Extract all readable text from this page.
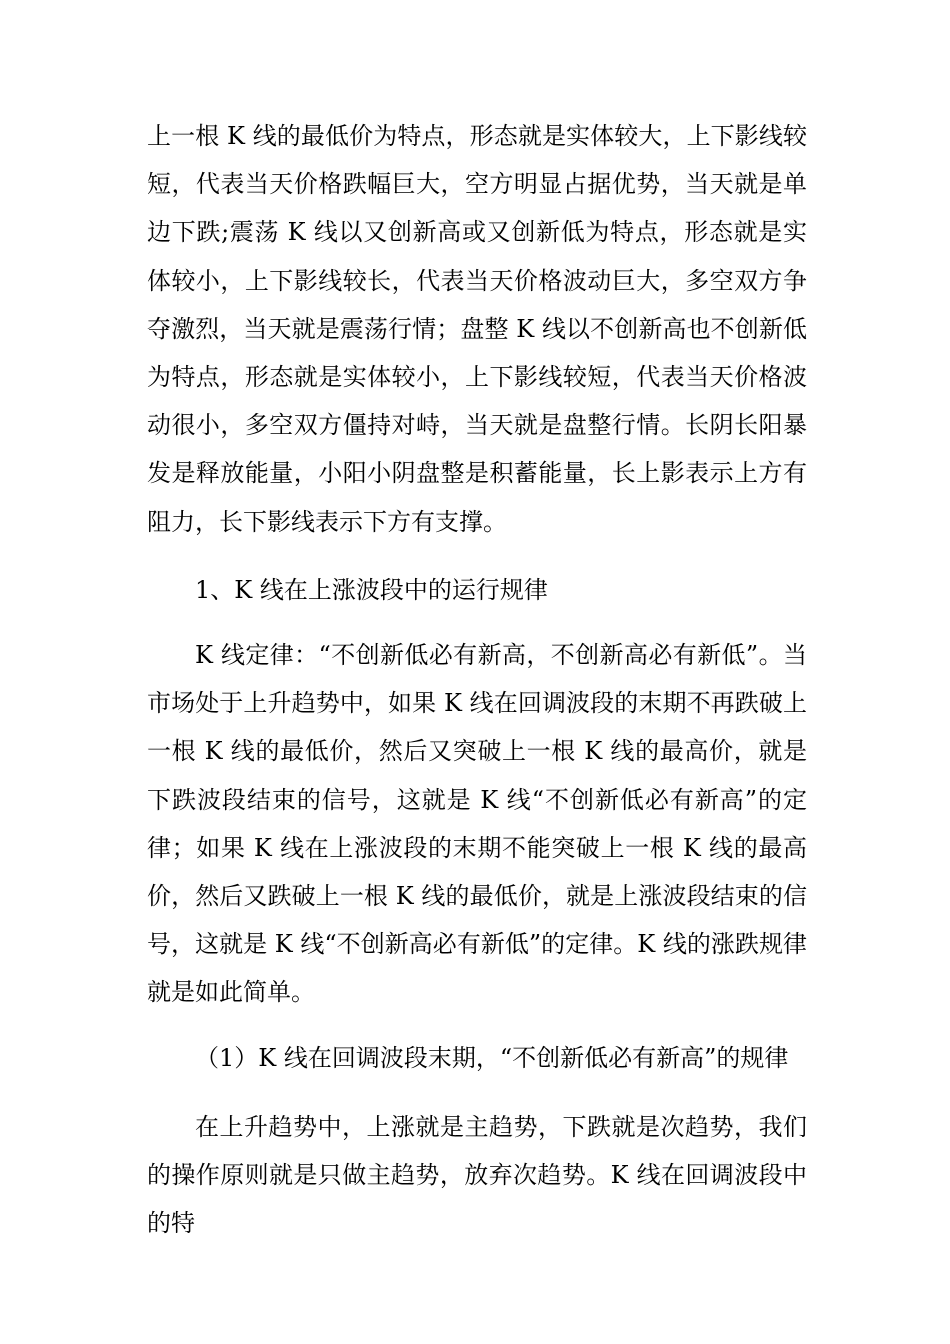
上一根 K 线的最低价为特点，形态就是实体较大，上下影线较短，代表当天价格跌幅巨大，空方明显占据优势，当天就是单边下跌;震荡 K 线以又创新高或又创新低为特点，形态就是实体较小，上下影线较长，代表当天价格波动巨大，多空双方争夺激烈，当天就是震荡行情；盘整 K 线以不创新高也不创新低为特点，形态就是实体较小，上下影线较短，代表当天价格波动很小，多空双方僵持对峙，当天就是盘整行情。长阴长阳暴发是释放能量，小阳小阴盘整是积蓄能量，长上影表示上方有阻力，长下影线表示下方有支撑。

1、K 线在上涨波段中的运行规律

K 线定律：“不创新低必有新高，不创新高必有新低”。当市场处于上升趋势中，如果 K 线在回调波段的末期不再跌破上一根 K 线的最低价，然后又突破上一根 K 线的最高价，就是下跌波段结束的信号，这就是 K 线“不创新低必有新高”的定律；如果 K 线在上涨波段的末期不能突破上一根 K 线的最高价，然后又跌破上一根 K 线的最低价，就是上涨波段结束的信号，这就是 K 线“不创新高必有新低”的定律。K 线的涨跌规律就是如此简单。

（1）K 线在回调波段末期，“不创新低必有新高”的规律

在上升趋势中，上涨就是主趋势，下跌就是次趋势，我们的操作原则就是只做主趋势，放弃次趋势。K 线在回调波段中的特
